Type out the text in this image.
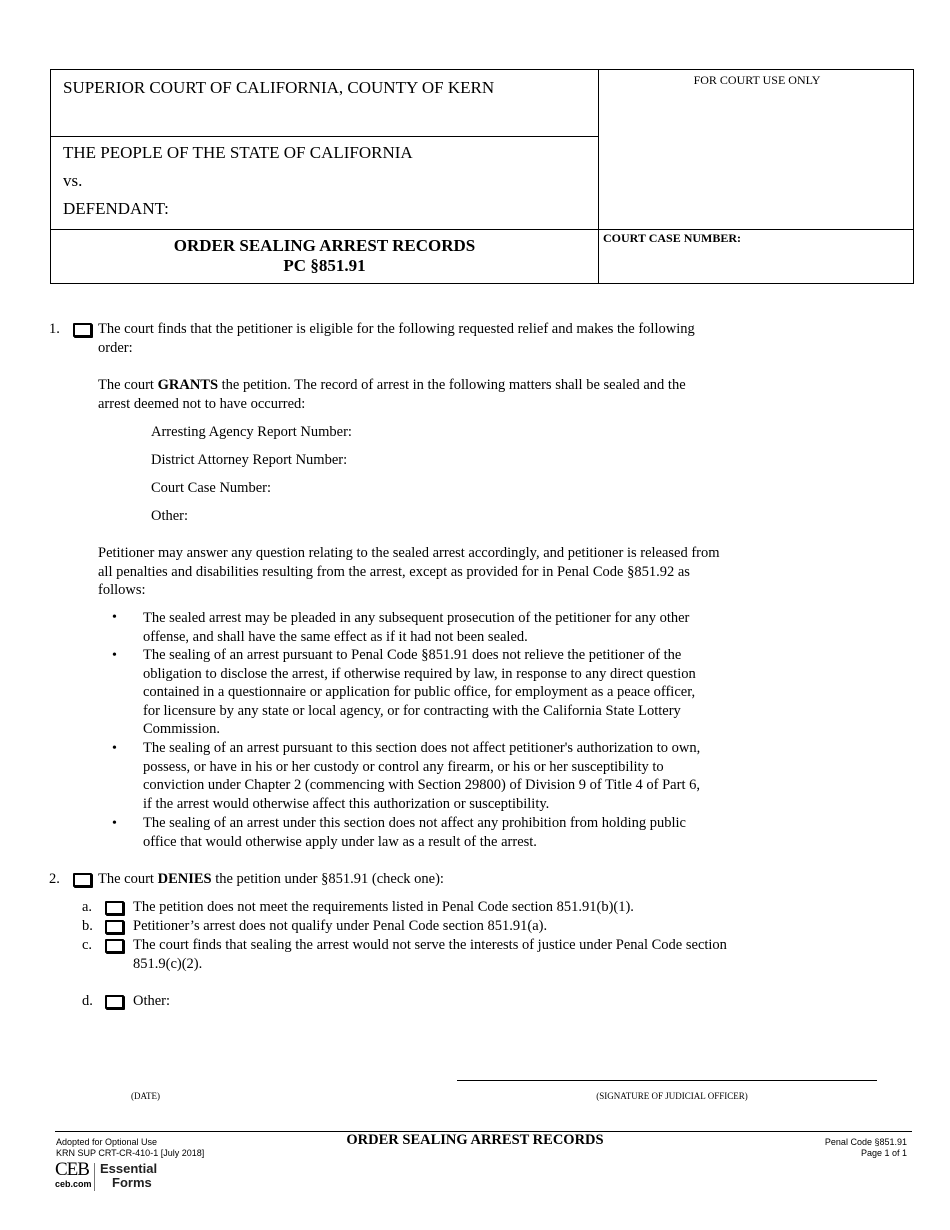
SUPERIOR COURT OF CALIFORNIA, COUNTY OF KERN
THE PEOPLE OF THE STATE OF CALIFORNIA
vs.
DEFENDANT:
FOR COURT USE ONLY
ORDER SEALING ARREST RECORDS
PC §851.91
COURT CASE NUMBER:
1.	The court finds that the petitioner is eligible for the following requested relief and makes the following
order:
The court GRANTS the petition. The record of arrest in the following matters shall be sealed and the
arrest deemed not to have occurred:
Arresting Agency Report Number:
District Attorney Report Number:
Court Case Number:
Other:
Petitioner may answer any question relating to the sealed arrest accordingly, and petitioner is released from
all penalties and disabilities resulting from the arrest, except as provided for in Penal Code §851.92 as
follows:
• The sealed arrest may be pleaded in any subsequent prosecution of the petitioner for any other
offense, and shall have the same effect as if it had not been sealed.
• The sealing of an arrest pursuant to Penal Code §851.91 does not relieve the petitioner of the
obligation to disclose the arrest, if otherwise required by law, in response to any direct question
contained in a questionnaire or application for public office, for employment as a peace officer,
for licensure by any state or local agency, or for contracting with the California State Lottery
Commission.
• The sealing of an arrest pursuant to this section does not affect petitioner's authorization to own,
possess, or have in his or her custody or control any firearm, or his or her susceptibility to
conviction under Chapter 2 (commencing with Section 29800) of Division 9 of Title 4 of Part 6,
if the arrest would otherwise affect this authorization or susceptibility.
• The sealing of an arrest under this section does not affect any prohibition from holding public
office that would otherwise apply under law as a result of the arrest.
2.	The court DENIES the petition under §851.91 (check one):
a.	The petition does not meet the requirements listed in Penal Code section 851.91(b)(1).
b.	Petitioner’s arrest does not qualify under Penal Code section 851.91(a).
c.	The court finds that sealing the arrest would not serve the interests of justice under Penal Code section
851.9(c)(2).
d.	Other:
(DATE)	(SIGNATURE OF JUDICIAL OFFICER)
Adopted for Optional Use
KRN SUP CRT-CR-410-1 [July 2018]
ORDER SEALING ARREST RECORDS	Penal Code §851.91
Page 1 of 1
CEB
ceb.com
Essential
Forms
